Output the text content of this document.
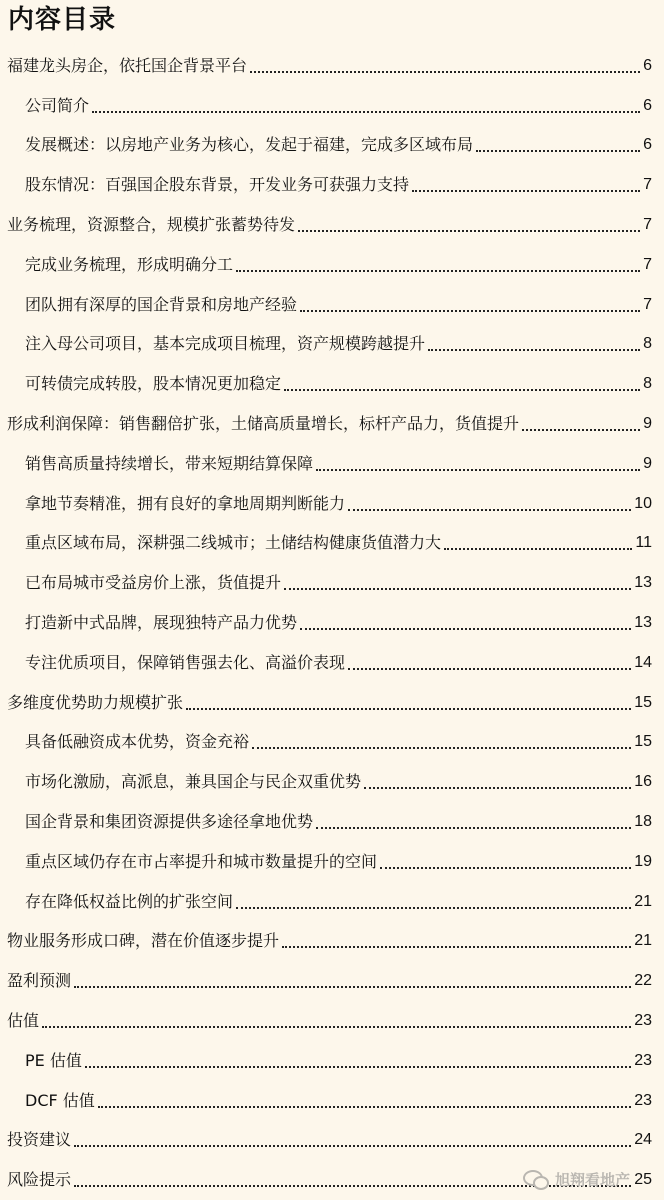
内容目录
福建龙头房企，依托国企背景平台	6
公司简介	6
发展概述：以房地产业务为核心，发起于福建，完成多区域布局	6
股东情况：百强国企股东背景，开发业务可获强力支持	7
业务梳理，资源整合，规模扩张蓄势待发	7
完成业务梳理，形成明确分工	7
团队拥有深厚的国企背景和房地产经验	7
注入母公司项目，基本完成项目梳理，资产规模跨越提升	8
可转债完成转股，股本情况更加稳定	8
形成利润保障：销售翻倍扩张，土储高质量增长，标杆产品力，货值提升	9
销售高质量持续增长，带来短期结算保障	9
拿地节奏精准，拥有良好的拿地周期判断能力	10
重点区域布局，深耕强二线城市；土储结构健康货值潜力大	11
已布局城市受益房价上涨，货值提升	13
打造新中式品牌，展现独特产品力优势	13
专注优质项目，保障销售强去化、高溢价表现	14
多维度优势助力规模扩张	15
具备低融资成本优势，资金充裕	15
市场化激励，高派息，兼具国企与民企双重优势	16
国企背景和集团资源提供多途径拿地优势	18
重点区域仍存在市占率提升和城市数量提升的空间	19
存在降低权益比例的扩张空间	21
物业服务形成口碑，潜在价值逐步提升	21
盈利预测	22
估值	23
PE 估值	23
DCF 估值	23
投资建议	24
风险提示	25
旭翔看地产
